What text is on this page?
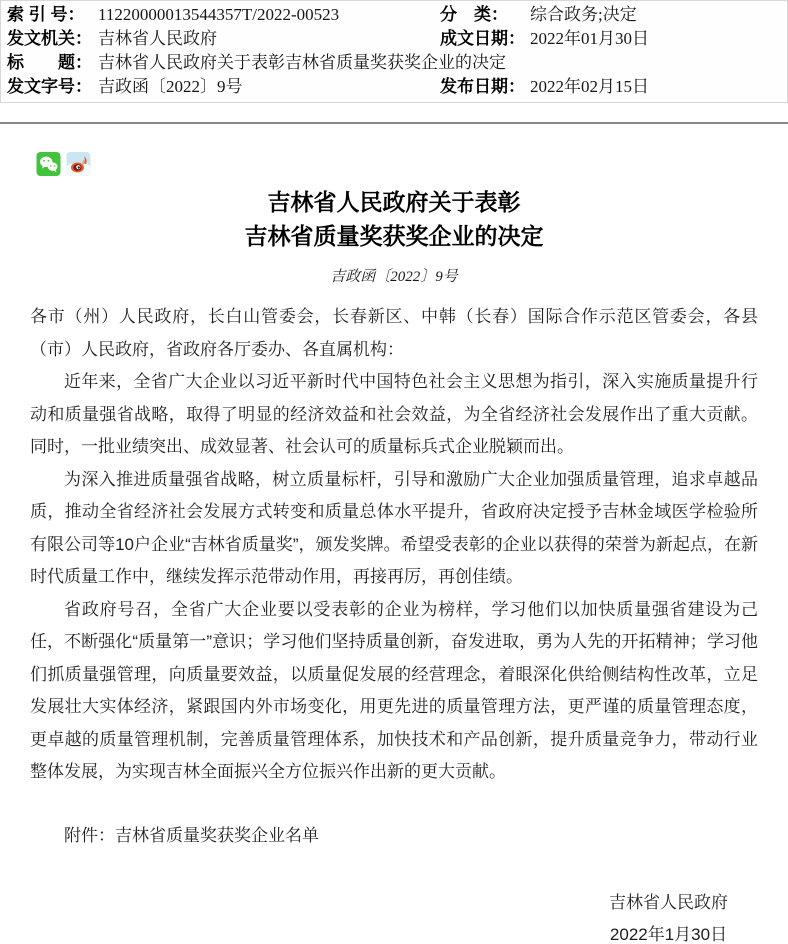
索 引 号： 11220000013544357T/2022-00523	分　类：	综合政务;决定
发文机关： 吉林省人民政府	成文日期： 2022年01月30日
标　　题： 吉林省人民政府关于表彰吉林省质量奖获奖企业的决定
发文字号： 吉政函〔2022〕9号	发布日期： 2022年02月15日
吉林省人民政府关于表彰
吉林省质量奖获奖企业的决定
吉政函〔2022〕9号

各市（州）人民政府，长白山管委会，长春新区、中韩（长春）国际合作示范区管委会，各县（市）人民政府，省政府各厅委办、各直属机构：

近年来，全省广大企业以习近平新时代中国特色社会主义思想为指引，深入实施质量提升行动和质量强省战略，取得了明显的经济效益和社会效益，为全省经济社会发展作出了重大贡献。同时，一批业绩突出、成效显著、社会认可的质量标兵式企业脱颖而出。

为深入推进质量强省战略，树立质量标杆，引导和激励广大企业加强质量管理，追求卓越品质，推动全省经济社会发展方式转变和质量总体水平提升，省政府决定授予吉林金域医学检验所有限公司等10户企业“吉林省质量奖”，颁发奖牌。希望受表彰的企业以获得的荣誉为新起点，在新时代质量工作中，继续发挥示范带动作用，再接再厉，再创佳绩。

省政府号召，全省广大企业要以受表彰的企业为榜样，学习他们以加快质量强省建设为己任，不断强化“质量第一”意识；学习他们坚持质量创新，奋发进取，勇为人先的开拓精神；学习他们抓质量强管理，向质量要效益，以质量促发展的经营理念，着眼深化供给侧结构性改革，立足发展壮大实体经济，紧跟国内外市场变化，用更先进的质量管理方法，更严谨的质量管理态度，更卓越的质量管理机制，完善质量管理体系，加快技术和产品创新，提升质量竞争力，带动行业整体发展，为实现吉林全面振兴全方位振兴作出新的更大贡献。

附件：吉林省质量奖获奖企业名单

吉林省人民政府
2022年1月30日
